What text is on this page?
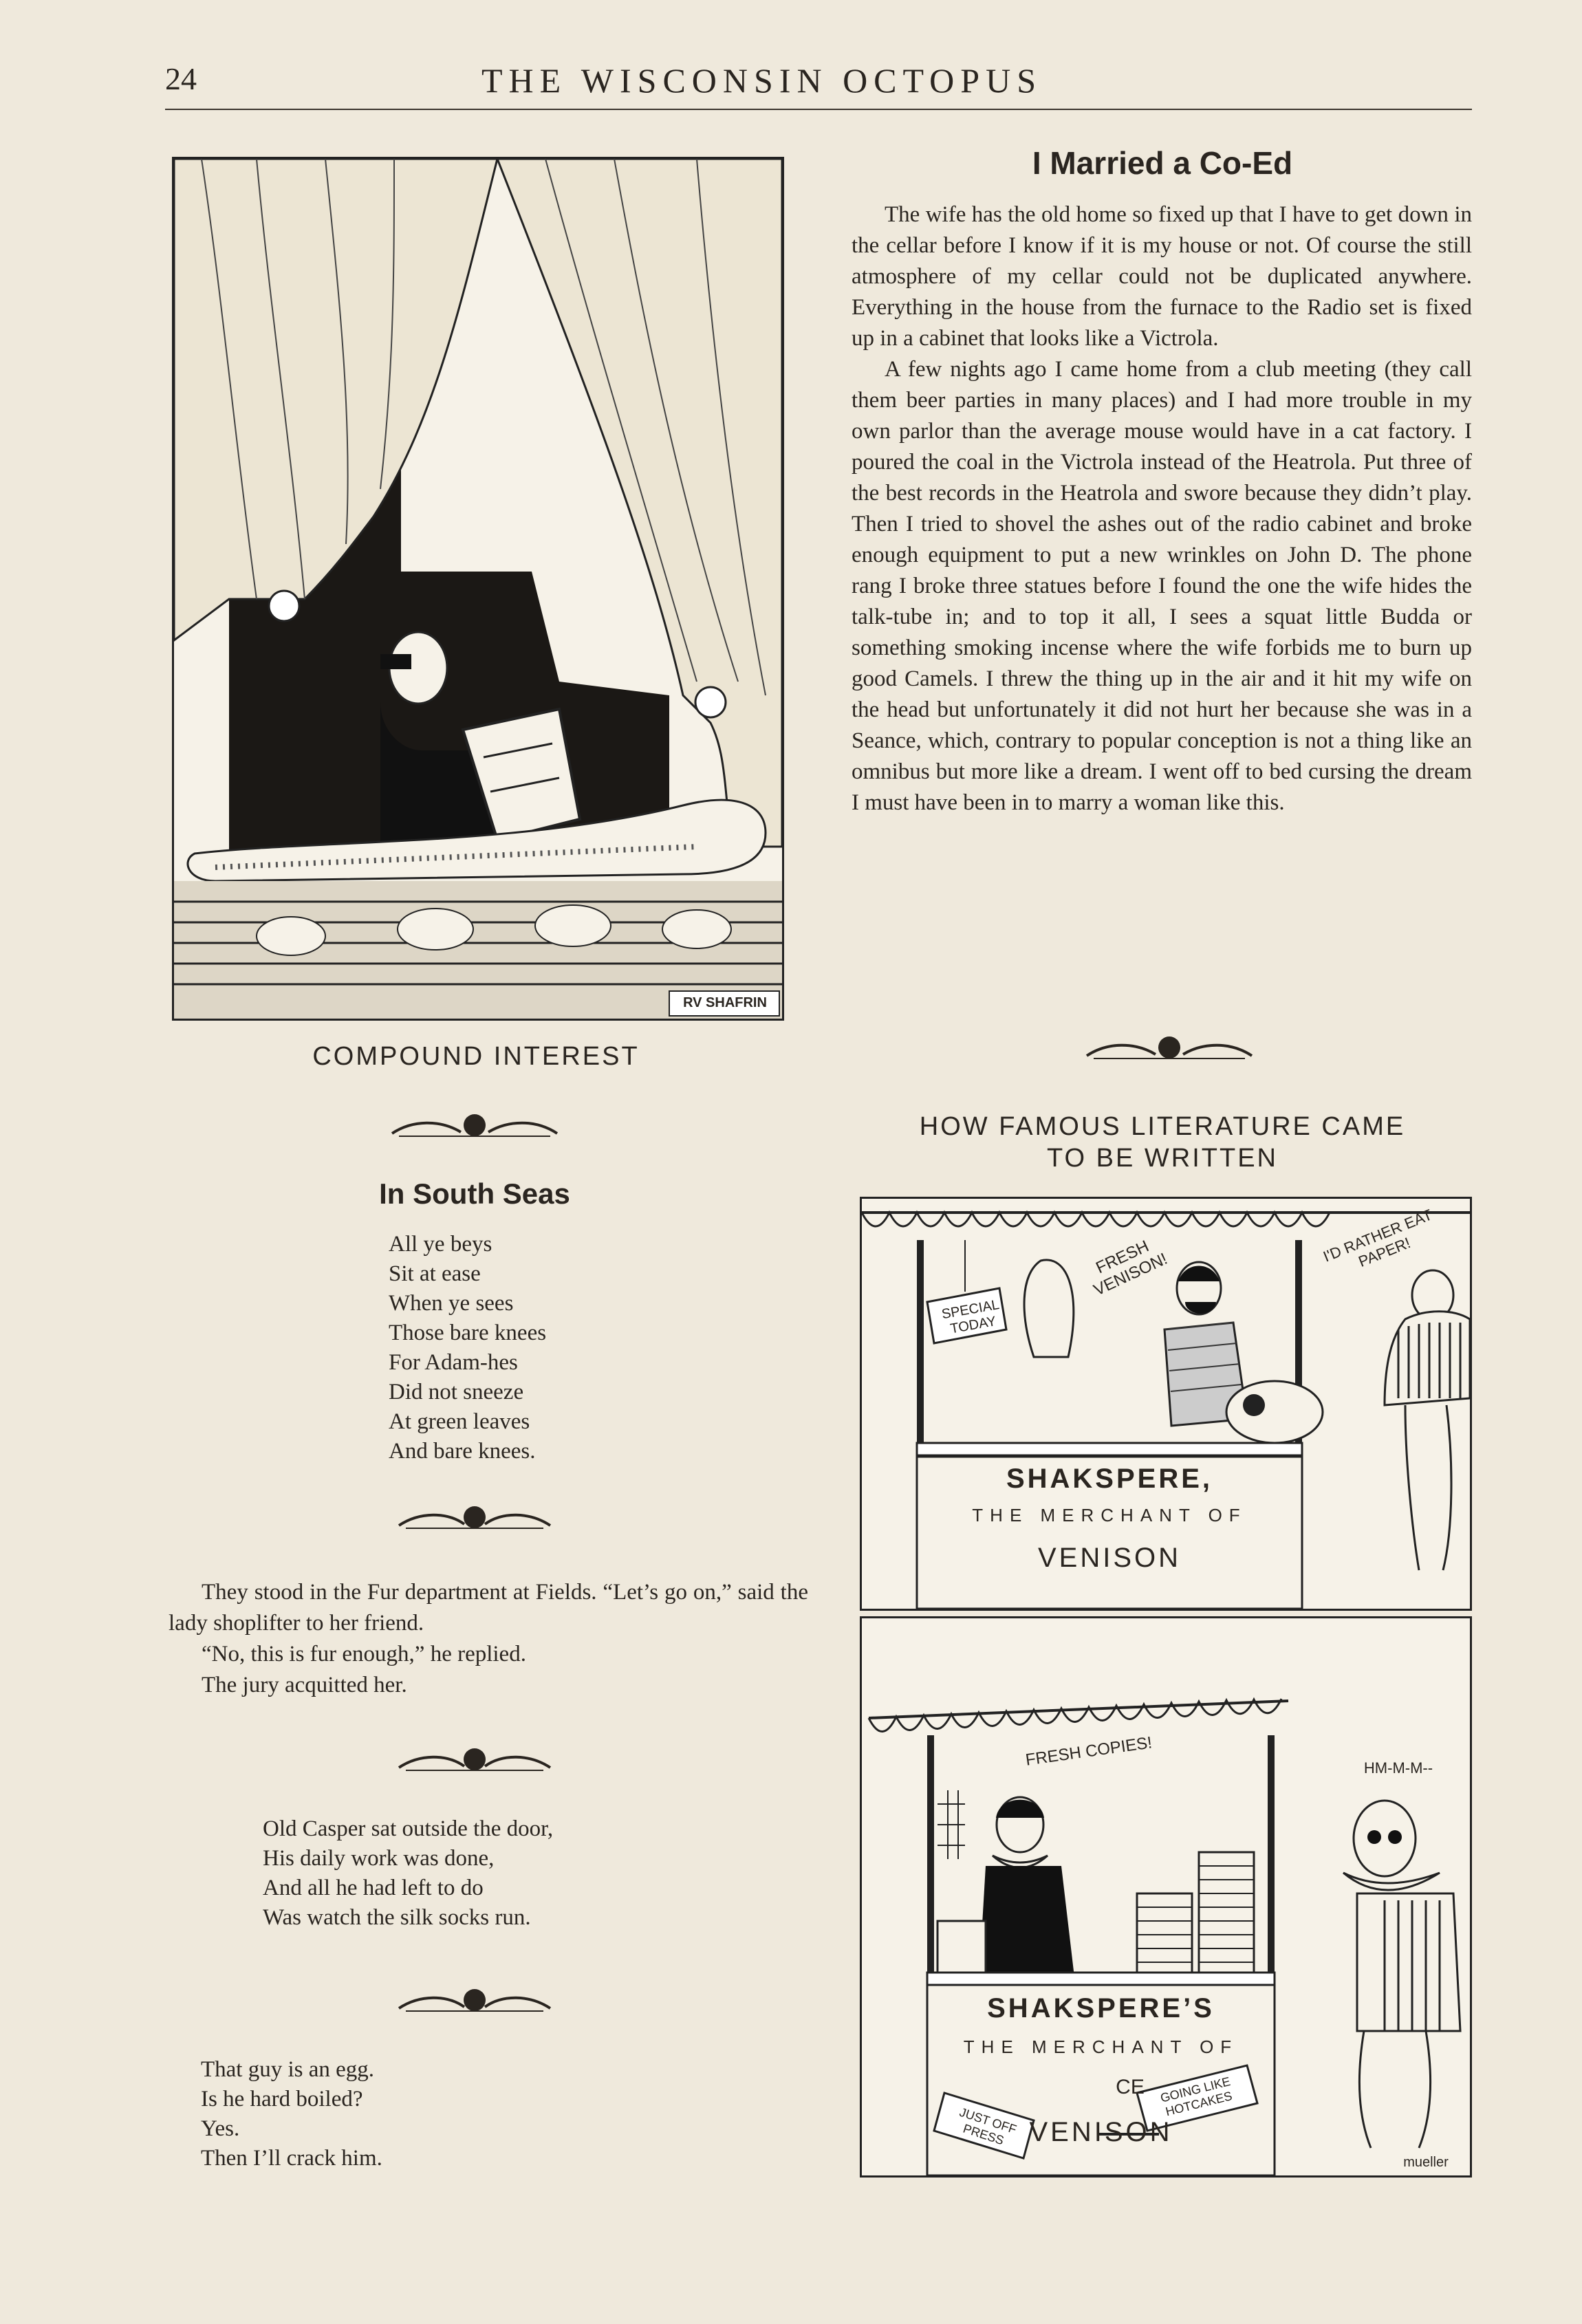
24	THE WISCONSIN OCTOPUS
RV SHAFRIN
COMPOUND INTEREST
In South Seas
All ye beys
Sit at ease
When ye sees
Those bare knees
For Adam-hes
Did not sneeze
At green leaves
And bare knees.

They stood in the Fur department at Fields. “Let’s go on,” said the lady shoplifter to her friend.

“No, this is fur enough,” he replied.

The jury acquitted her.

Old Casper sat outside the door,
His daily work was done,
And all he had left to do
Was watch the silk socks run.
That guy is an egg.
Is he hard boiled?
Yes.
Then I’ll crack him.
I Married a Co-Ed

The wife has the old home so fixed up that I have to get down in the cellar before I know if it is my house or not. Of course the still atmosphere of my cellar could not be duplicated anywhere. Everything in the house from the furnace to the Radio set is fixed up in a cabinet that looks like a Victrola.

A few nights ago I came home from a club meeting (they call them beer parties in many places) and I had more trouble in my own parlor than the average mouse would have in a cat factory. I poured the coal in the Victrola instead of the Heatrola. Put three of the best records in the Heatrola and swore because they didn’t play. Then I tried to shovel the ashes out of the radio cabinet and broke enough equipment to put a new wrinkles on John D. The phone rang I broke three statues before I found the one the wife hides the talk-tube in; and to top it all, I sees a squat little Budda or something smoking incense where the wife forbids me to burn up good Camels. I threw the thing up in the air and it hit my wife on the head but unfortunately it did not hurt her because she was in a Seance, which, contrary to popular conception is not a thing like an omnibus but more like a dream. I went off to bed cursing the dream I must have been in to marry a woman like this.

HOW FAMOUS LITERATURE CAME
TO BE WRITTEN
SPECIAL TODAY
FRESH VENISON!
I'D RATHER EAT PAPER!
SHAKSPERE,
THE MERCHANT OF
VENISON
FRESH COPIES!	HM-M-M--
SHAKSPERE’S
THE MERCHANT OF
CE
VENISON
JUST OFF PRESS
GOING LIKE HOTCAKES
mueller
